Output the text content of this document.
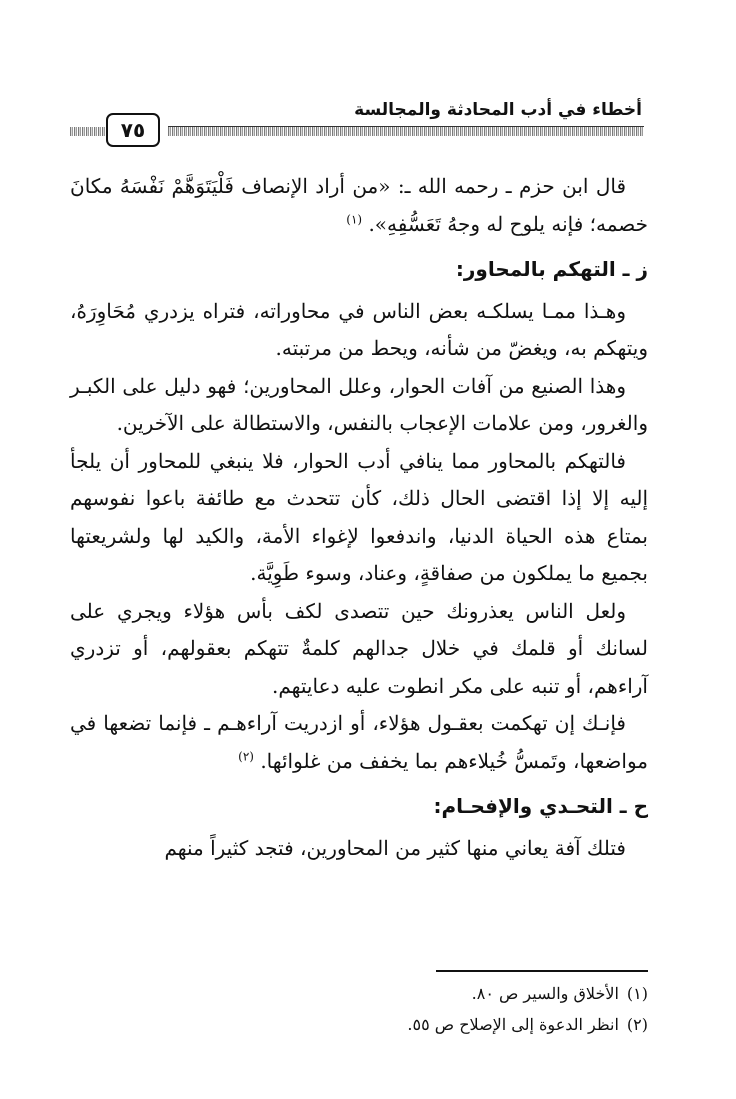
أخطاء في أدب المحادثة والمجالسة
٧٥

قال ابن حزم ـ رحمه الله ـ: «من أراد الإنصاف فَلْيَتَوَهَّمْ نَفْسَهُ مكانَ خصمه؛ فإنه يلوح له وجهُ تَعَسُّفِهِ». $^{(١)}$

ز ـ التهكم بالمحاور:

وهـذا ممـا يسلكـه بعض الناس في محاوراته، فتراه يزدري مُحَاوِرَهُ، ويتهكم به، ويغضّ من شأنه، ويحط من مرتبته.

وهذا الصنيع من آفات الحوار، وعلل المحاورين؛ فهو دليل على الكبـر والغرور، ومن علامات الإعجاب بالنفس، والاستطالة على الآخرين.

فالتهكم بالمحاور مما ينافي أدب الحوار، فلا ينبغي للمحاور أن يلجأ إليه إلا إذا اقتضى الحال ذلك، كأن تتحدث مع طائفة باعوا نفوسهم بمتاع هذه الحياة الدنيا، واندفعوا لإغواء الأمة، والكيد لها ولشريعتها بجميع ما يملكون من صفاقةٍ، وعناد، وسوء طَوِيَّة.

ولعل الناس يعذرونك حين تتصدى لكف بأس هؤلاء ويجري على لسانك أو قلمك في خلال جدالهم كلمةٌ تتهكم بعقولهم، أو تزدري آراءهم، أو تنبه على مكر انطوت عليه دعايتهم.

فإنـك إن تهكمت بعقـول هؤلاء، أو ازدريت آراءهـم ـ فإنما تضعها في مواضعها، وتَمسُّ خُيلاءهم بما يخفف من غلوائها. $^{(٢)}$

ح ـ التحـدي والإفحـام:

فتلك آفة يعاني منها كثير من المحاورين، فتجد كثيراً منهم

(١)الأخلاق والسير ص ٨٠.

(٢)انظر الدعوة إلى الإصلاح ص ٥٥.
